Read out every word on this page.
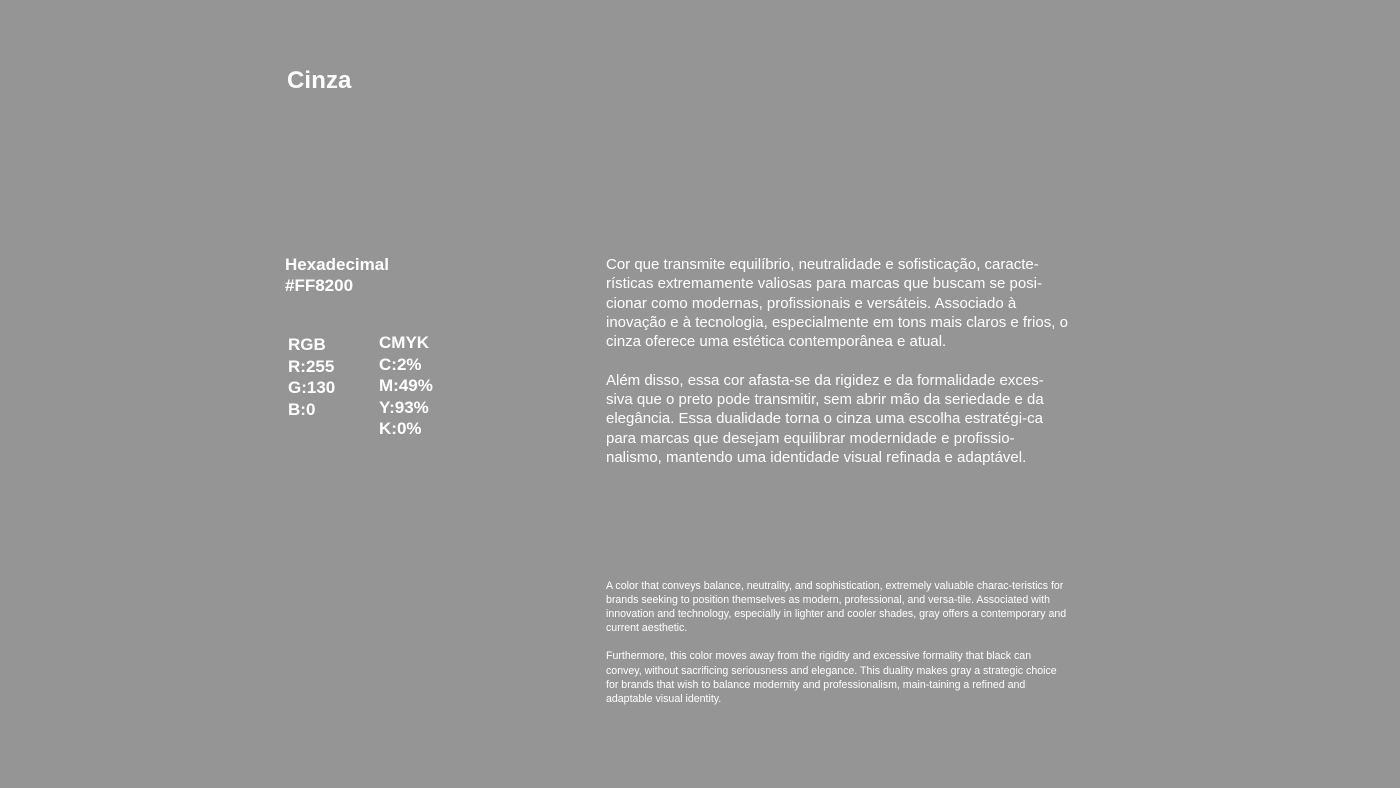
Cinza
Hexadecimal
#FF8200
RGB
R:255
G:130
B:0
CMYK
C:2%
M:49%
Y:93%
K:0%

Cor que transmite equilíbrio, neutralidade e sofisticação, caracte-rísticas extremamente valiosas para marcas que buscam se posi-cionar como modernas, profissionais e versáteis. Associado à inovação e à tecnologia, especialmente em tons mais claros e frios, o cinza oferece uma estética contemporânea e atual.

Além disso, essa cor afasta-se da rigidez e da formalidade exces-siva que o preto pode transmitir, sem abrir mão da seriedade e da elegância. Essa dualidade torna o cinza uma escolha estratégi-ca para marcas que desejam equilibrar modernidade e profissio-nalismo, mantendo uma identidade visual refinada e adaptável.

A color that conveys balance, neutrality, and sophistication, extremely valuable charac-teristics for brands seeking to position themselves as modern, professional, and versa-tile. Associated with innovation and technology, especially in lighter and cooler shades, gray offers a contemporary and current aesthetic.

Furthermore, this color moves away from the rigidity and excessive formality that black can convey, without sacrificing seriousness and elegance. This duality makes gray a strategic choice for brands that wish to balance modernity and professionalism, main-taining a refined and adaptable visual identity.
